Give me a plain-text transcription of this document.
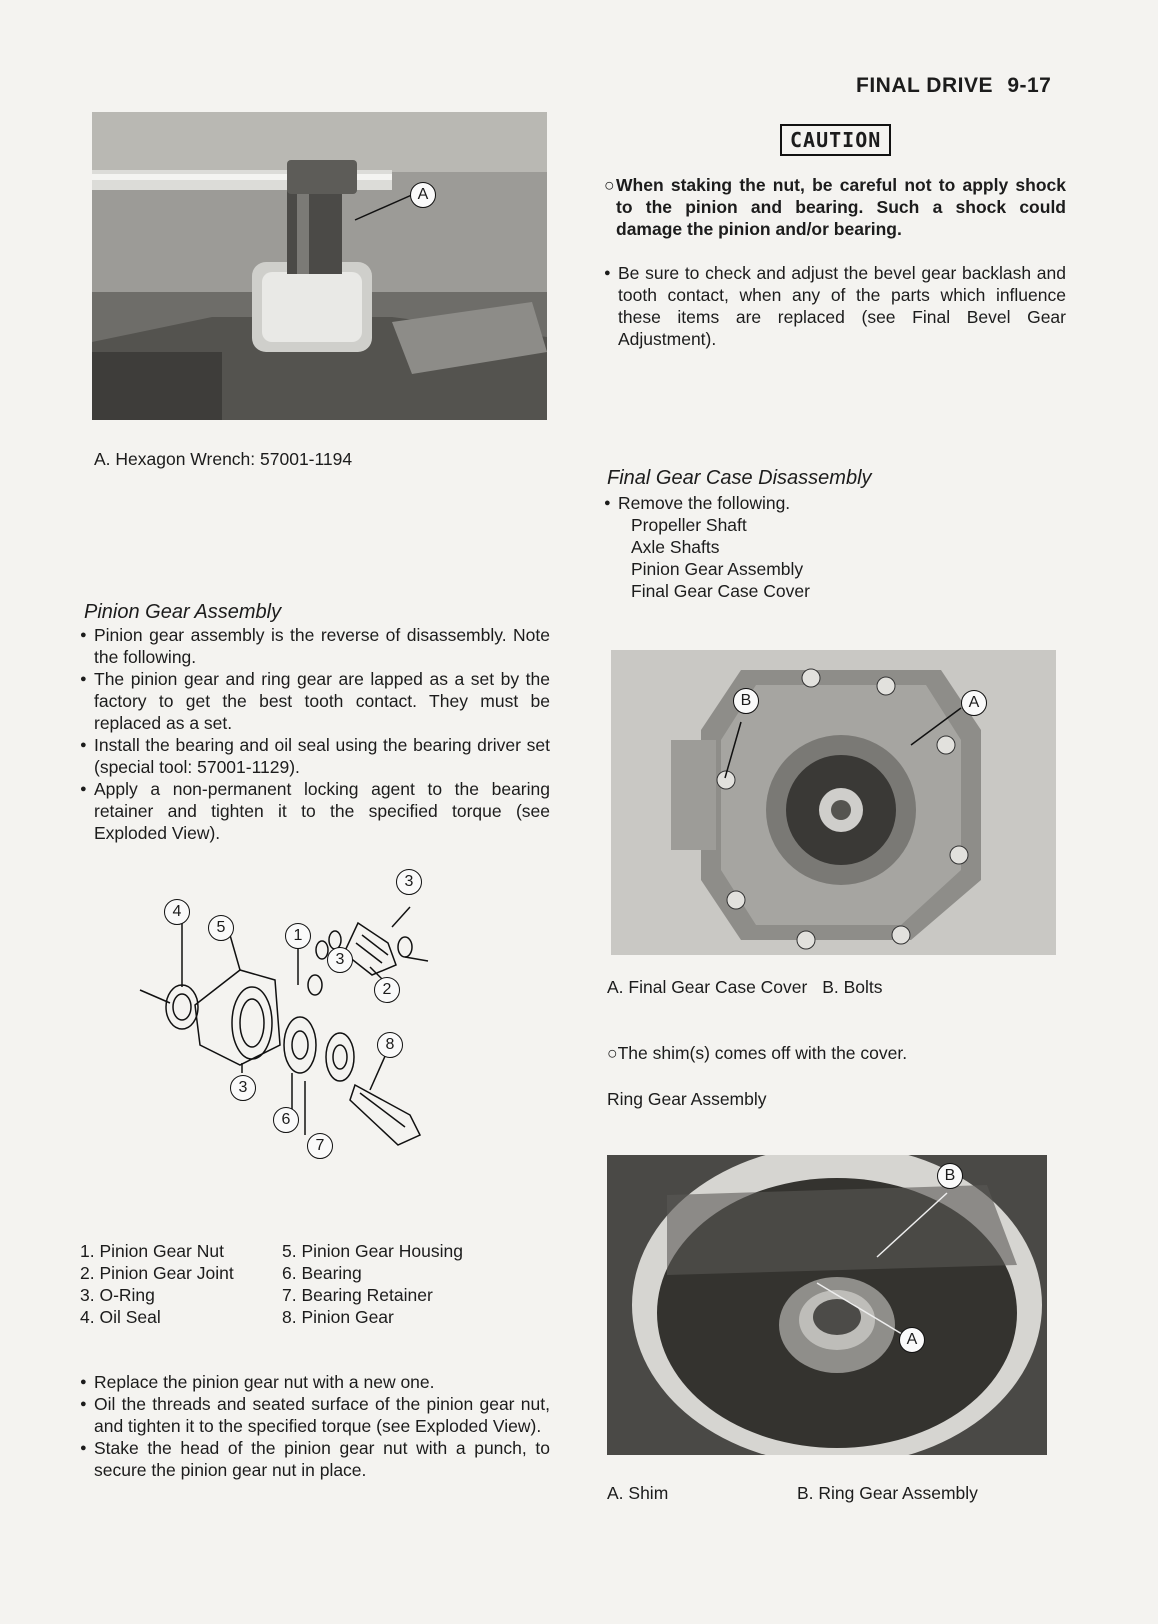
FINAL DRIVE 9-17
A
A. Hexagon Wrench: 57001-1194
Pinion Gear Assembly
● Pinion gear assembly is the reverse of disassembly. Note the following.
● The pinion gear and ring gear are lapped as a set by the factory to get the best tooth contact. They must be replaced as a set.
● Install the bearing and oil seal using the bearing driver set (special tool: 57001-1129).
● Apply a non-permanent locking agent to the bearing retainer and tighten it to the specified torque (see Exploded View).
4
5	1
3
3
2
8
3
6
7
1. Pinion Gear Nut
2. Pinion Gear Joint
3. O-Ring
4. Oil Seal
5. Pinion Gear Housing
6. Bearing
7. Bearing Retainer
8. Pinion Gear
● Replace the pinion gear nut with a new one.
● Oil the threads and seated surface of the pinion gear nut, and tighten it to the specified torque (see Exploded View).
● Stake the head of the pinion gear nut with a punch, to secure the pinion gear nut in place.
CAUTION
○ When staking the nut, be careful not to apply shock to the pinion and bearing. Such a shock could damage the pinion and/or bearing.
● Be sure to check and adjust the bevel gear backlash and tooth contact, when any of the parts which influence these items are replaced (see Final Bevel Gear Adjustment).
Final Gear Case Disassembly
● Remove the following.
Propeller Shaft
Axle Shafts
Pinion Gear Assembly
Final Gear Case Cover
B	A
A. Final Gear Case Cover B. Bolts
○The shim(s) comes off with the cover.
Ring Gear Assembly
B
A
A. Shim	B. Ring Gear Assembly
